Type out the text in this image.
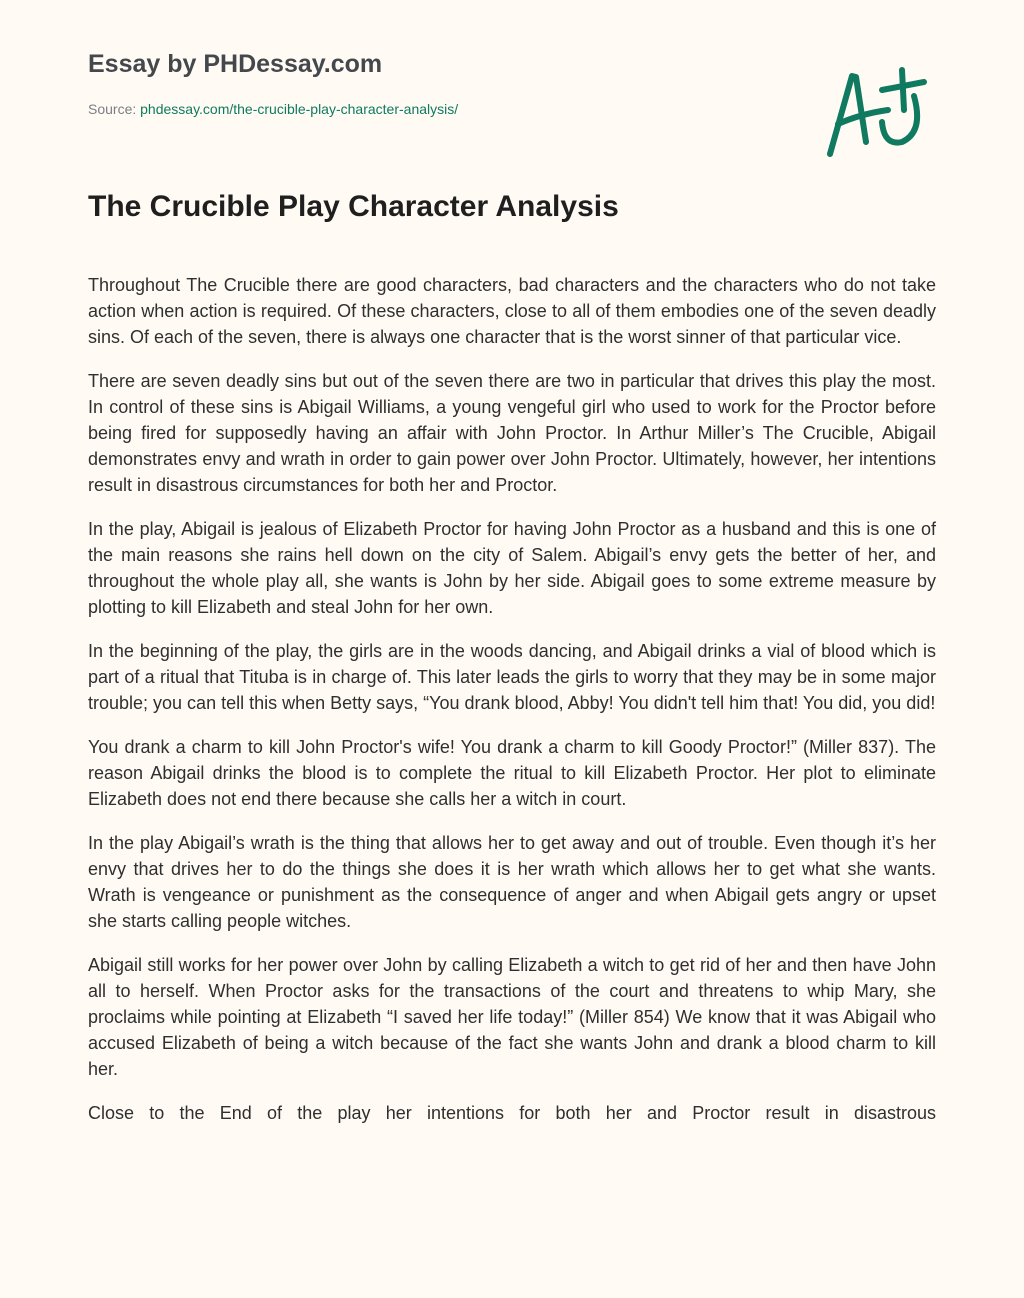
Essay by PHDessay.com
Source: phdessay.com/the-crucible-play-character-analysis/
The Crucible Play Character Analysis

Throughout The Crucible there are good characters, bad characters and the characters who do not take action when action is required. Of these characters, close to all of them embodies one of the seven deadly sins. Of each of the seven, there is always one character that is the worst sinner of that particular vice.

There are seven deadly sins but out of the seven there are two in particular that drives this play the most. In control of these sins is Abigail Williams, a young vengeful girl who used to work for the Proctor before being fired for supposedly having an affair with John Proctor. In Arthur Miller’s The Crucible, Abigail demonstrates envy and wrath in order to gain power over John Proctor. Ultimately, however, her intentions result in disastrous circumstances for both her and Proctor.

In the play, Abigail is jealous of Elizabeth Proctor for having John Proctor as a husband and this is one of the main reasons she rains hell down on the city of Salem. Abigail’s envy gets the better of her, and throughout the whole play all, she wants is John by her side. Abigail goes to some extreme measure by plotting to kill Elizabeth and steal John for her own.

In the beginning of the play, the girls are in the woods dancing, and Abigail drinks a vial of blood which is part of a ritual that Tituba is in charge of. This later leads the girls to worry that they may be in some major trouble; you can tell this when Betty says, “You drank blood, Abby! You didn't tell him that! You did, you did!

You drank a charm to kill John Proctor's wife! You drank a charm to kill Goody Proctor!” (Miller 837). The reason Abigail drinks the blood is to complete the ritual to kill Elizabeth Proctor. Her plot to eliminate Elizabeth does not end there because she calls her a witch in court.

In the play Abigail’s wrath is the thing that allows her to get away and out of trouble. Even though it’s her envy that drives her to do the things she does it is her wrath which allows her to get what she wants. Wrath is vengeance or punishment as the consequence of anger and when Abigail gets angry or upset she starts calling people witches.

Abigail still works for her power over John by calling Elizabeth a witch to get rid of her and then have John all to herself. When Proctor asks for the transactions of the court and threatens to whip Mary, she proclaims while pointing at Elizabeth “I saved her life today!” (Miller 854) We know that it was Abigail who accused Elizabeth of being a witch because of the fact she wants John and drank a blood charm to kill her.

Close to the End of the play her intentions for both her and Proctor result in disastrous
